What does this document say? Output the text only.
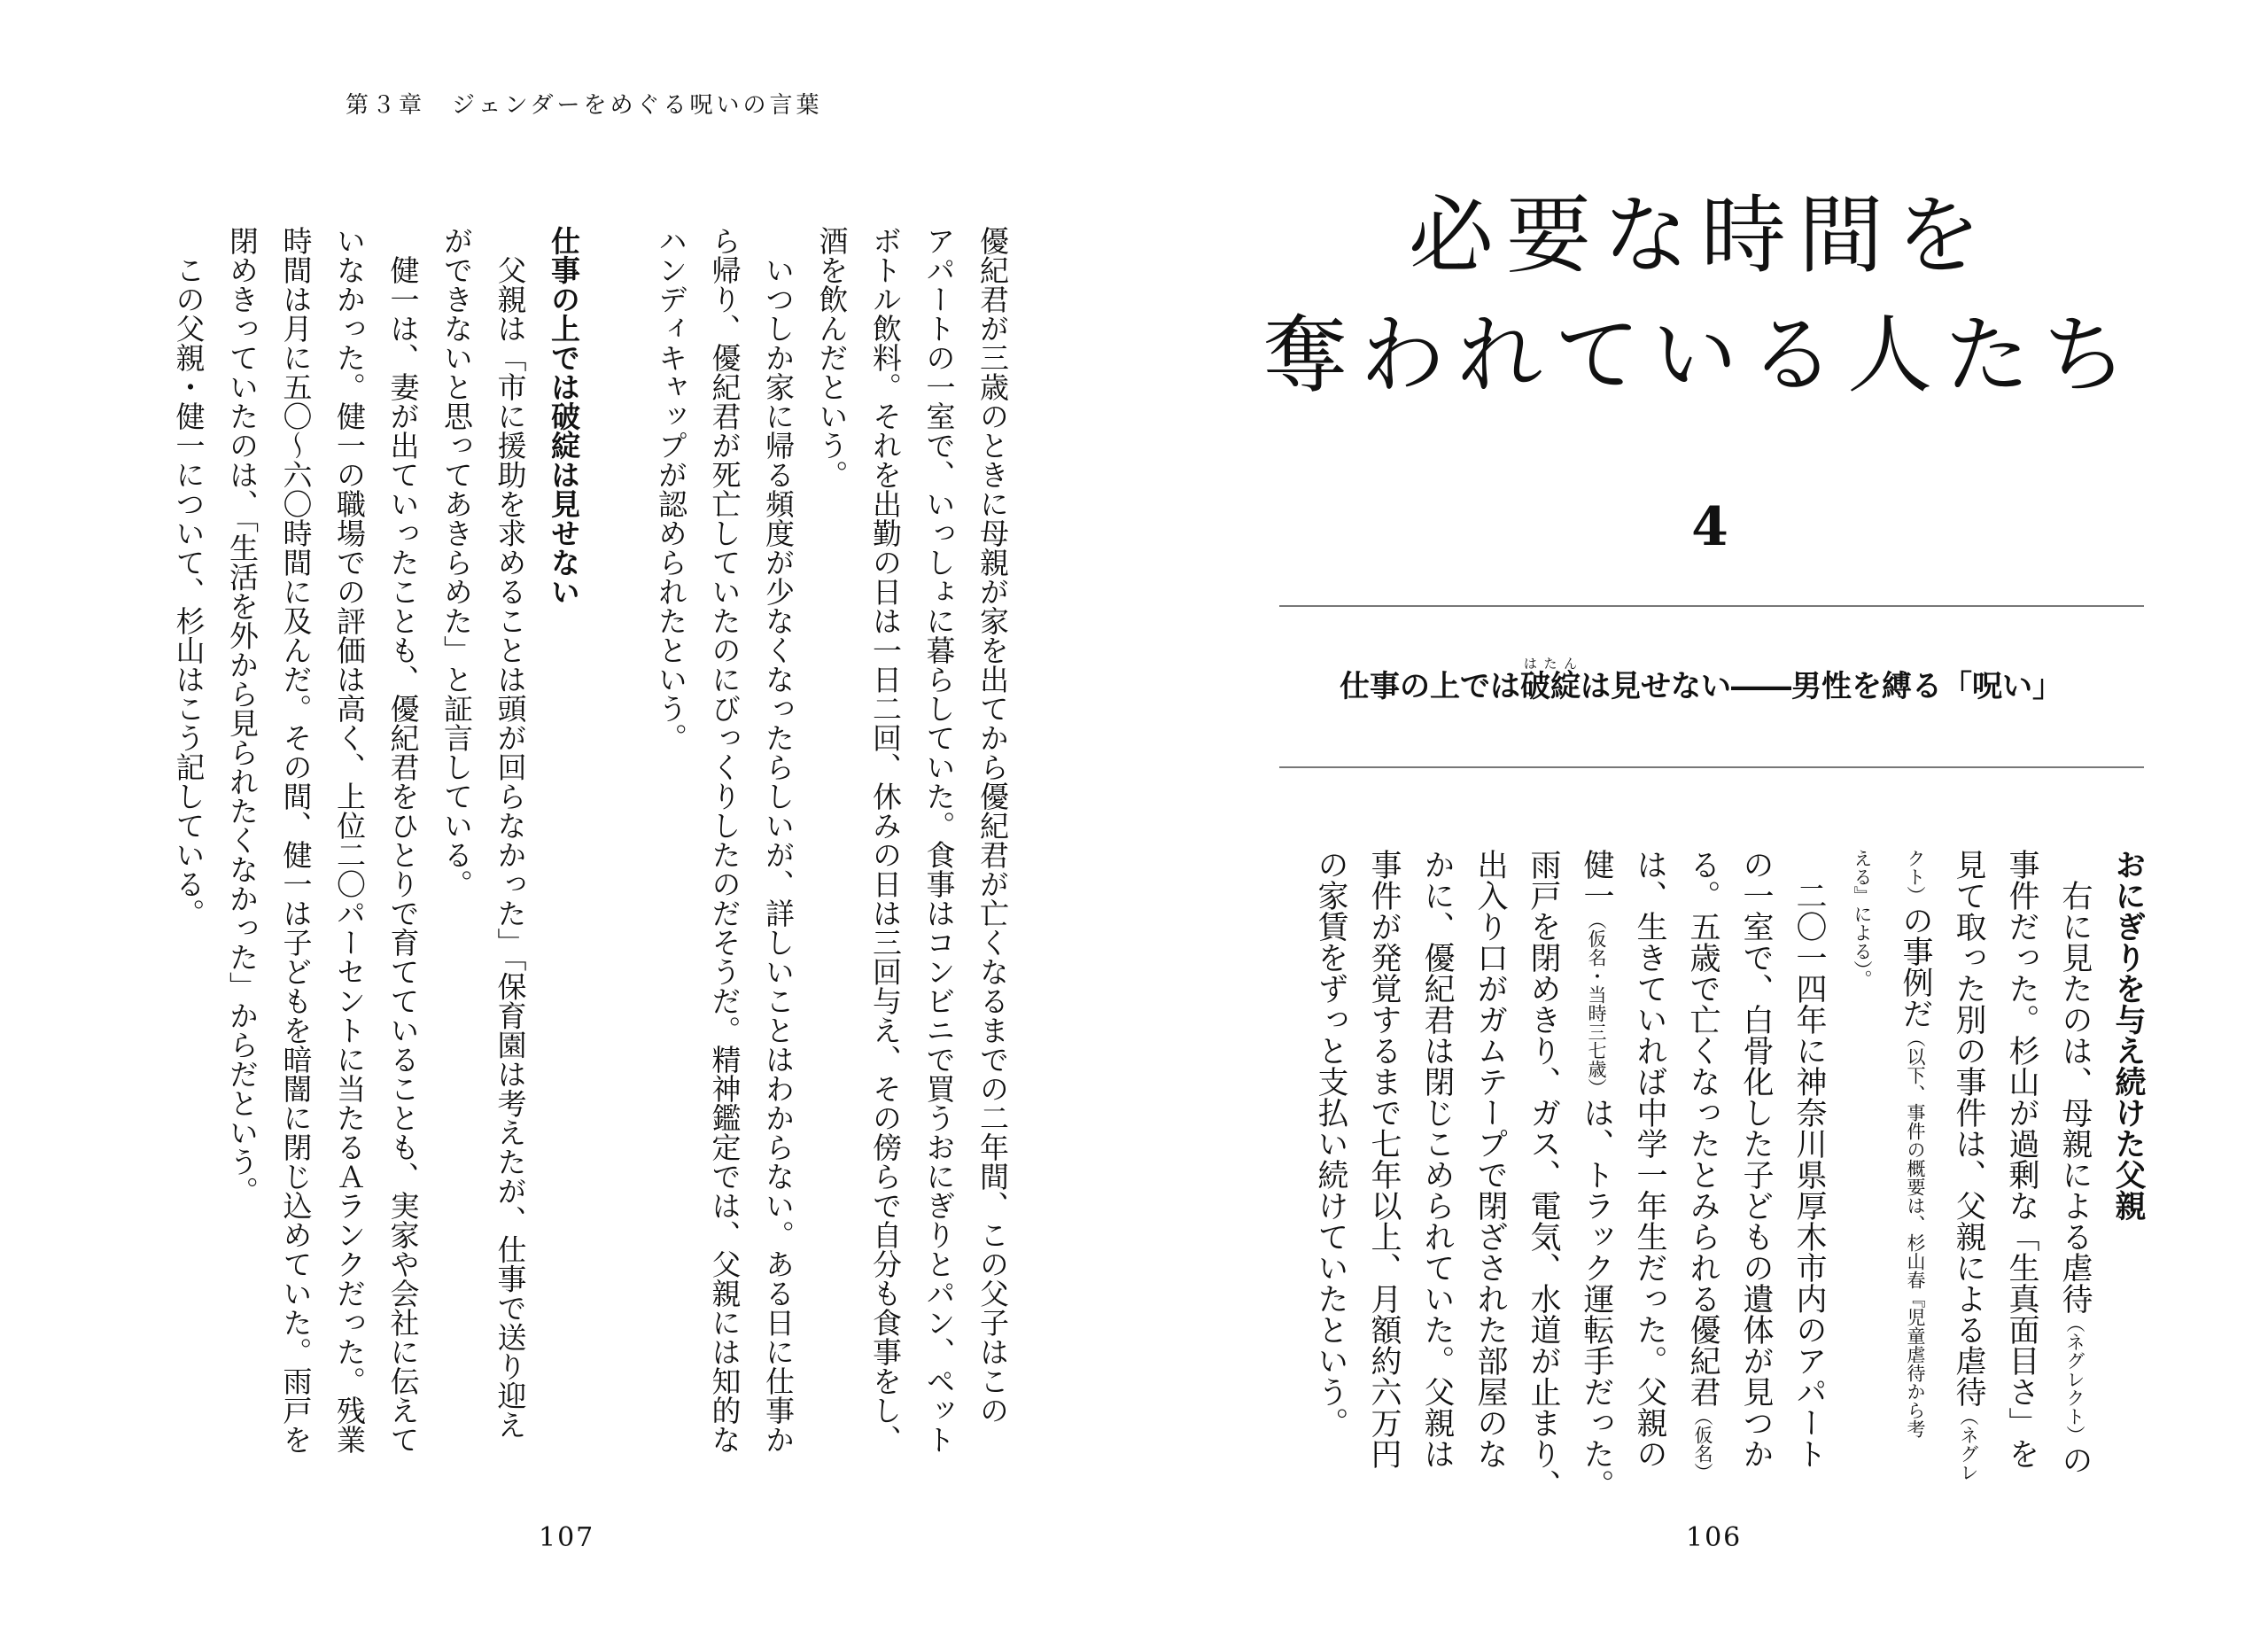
第３章　ジェンダーをめぐる呪いの言葉
優紀君が三歳のときに母親が家を出てから優紀君が亡くなるまでの二年間、この父子はこの
アパートの一室で、いっしょに暮らしていた。食事はコンビニで買うおにぎりとパン、ペット
ボトル飲料。それを出勤の日は一日二回、休みの日は三回与え、その傍らで自分も食事をし、
酒を飲んだという。
　いつしか家に帰る頻度が少なくなったらしいが、詳しいことはわからない。ある日に仕事か
ら帰り、優紀君が死亡していたのにびっくりしたのだそうだ。精神鑑定では、父親には知的な
ハンディキャップが認められたという。

仕事の上では破綻は見せない
　父親は「市に援助を求めることは頭が回らなかった」「保育園は考えたが、仕事で送り迎え
ができないと思ってあきらめた」と証言している。
　健一は、妻が出ていったことも、優紀君をひとりで育てていることも、実家や会社に伝えて
いなかった。健一の職場での評価は高く、上位二〇パーセントに当たるＡランクだった。残業
時間は月に五〇～六〇時間に及んだ。その間、健一は子どもを暗闇に閉じ込めていた。雨戸を
閉めきっていたのは、「生活を外から見られたくなかった」からだという。
　この父親・健一について、杉山はこう記している。
107
必要な時間を
奪われている人たち
4
仕事の上では破綻はたんは見せない――男性を縛る「呪い」
おにぎりを与え続けた父親
　右に見たのは、母親による虐待（ネグレクト）の
事件だった。杉山が過剰な「生真面目さ」を
見て取った別の事件は、父親による虐待（ネグレ
クト）の事例だ（以下、事件の概要は、杉山春『児童虐待から考
える』による）。
　二〇一四年に神奈川県厚木市内のアパート
の一室で、白骨化した子どもの遺体が見つか
る。五歳で亡くなったとみられる優紀君（仮名）
は、生きていれば中学一年生だった。父親の
健一（仮名・当時三七歳）は、トラック運転手だった。
雨戸を閉めきり、ガス、電気、水道が止まり、
出入り口がガムテープで閉ざされた部屋のな
かに、優紀君は閉じこめられていた。父親は
事件が発覚するまで七年以上、月額約六万円
の家賃をずっと支払い続けていたという。
106
